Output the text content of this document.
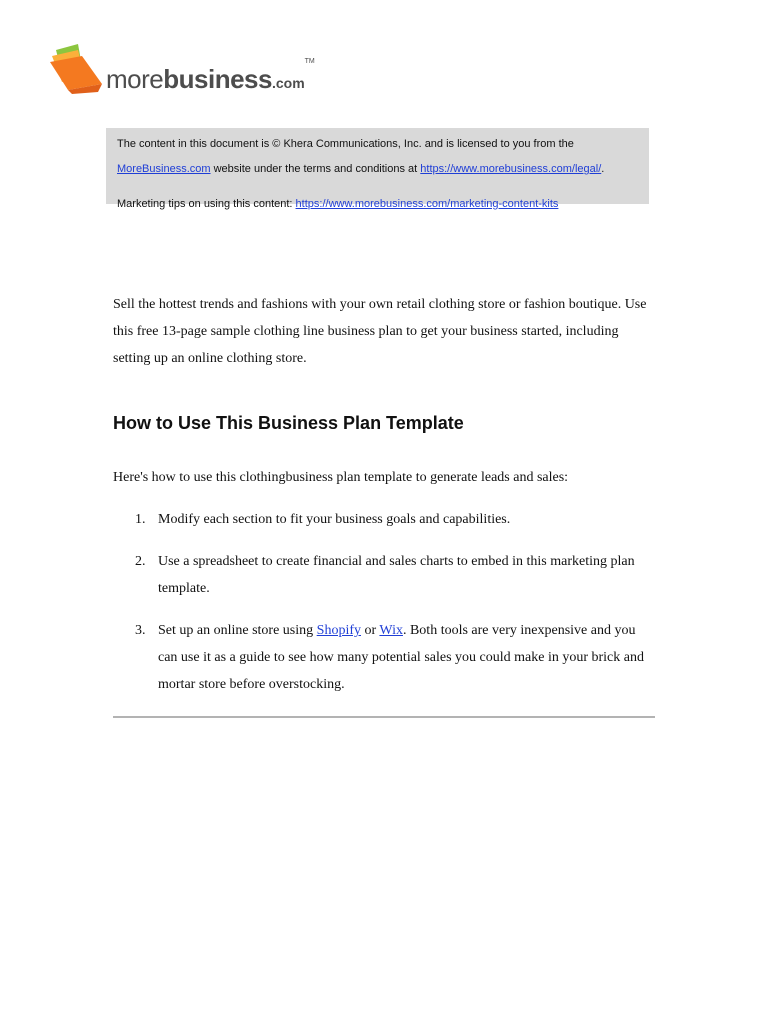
morebusiness.com™

The content in this document is © Khera Communications, Inc. and is licensed to you from the
MoreBusiness.com website under the terms and conditions at https://www.morebusiness.com/legal/.

Marketing tips on using this content: https://www.morebusiness.com/marketing-content-kits

Sell the hottest trends and fashions with your own retail clothing store or fashion boutique. Use this free 13-page sample clothing line business plan to get your business started, including setting up an online clothing store.

How to Use This Business Plan Template

Here's how to use this clothingbusiness plan template to generate leads and sales:

1. Modify each section to fit your business goals and capabilities.
2. Use a spreadsheet to create financial and sales charts to embed in this marketing plan template.
3. Set up an online store using Shopify or Wix. Both tools are very inexpensive and you can use it as a guide to see how many potential sales you could make in your brick and mortar store before overstocking.
